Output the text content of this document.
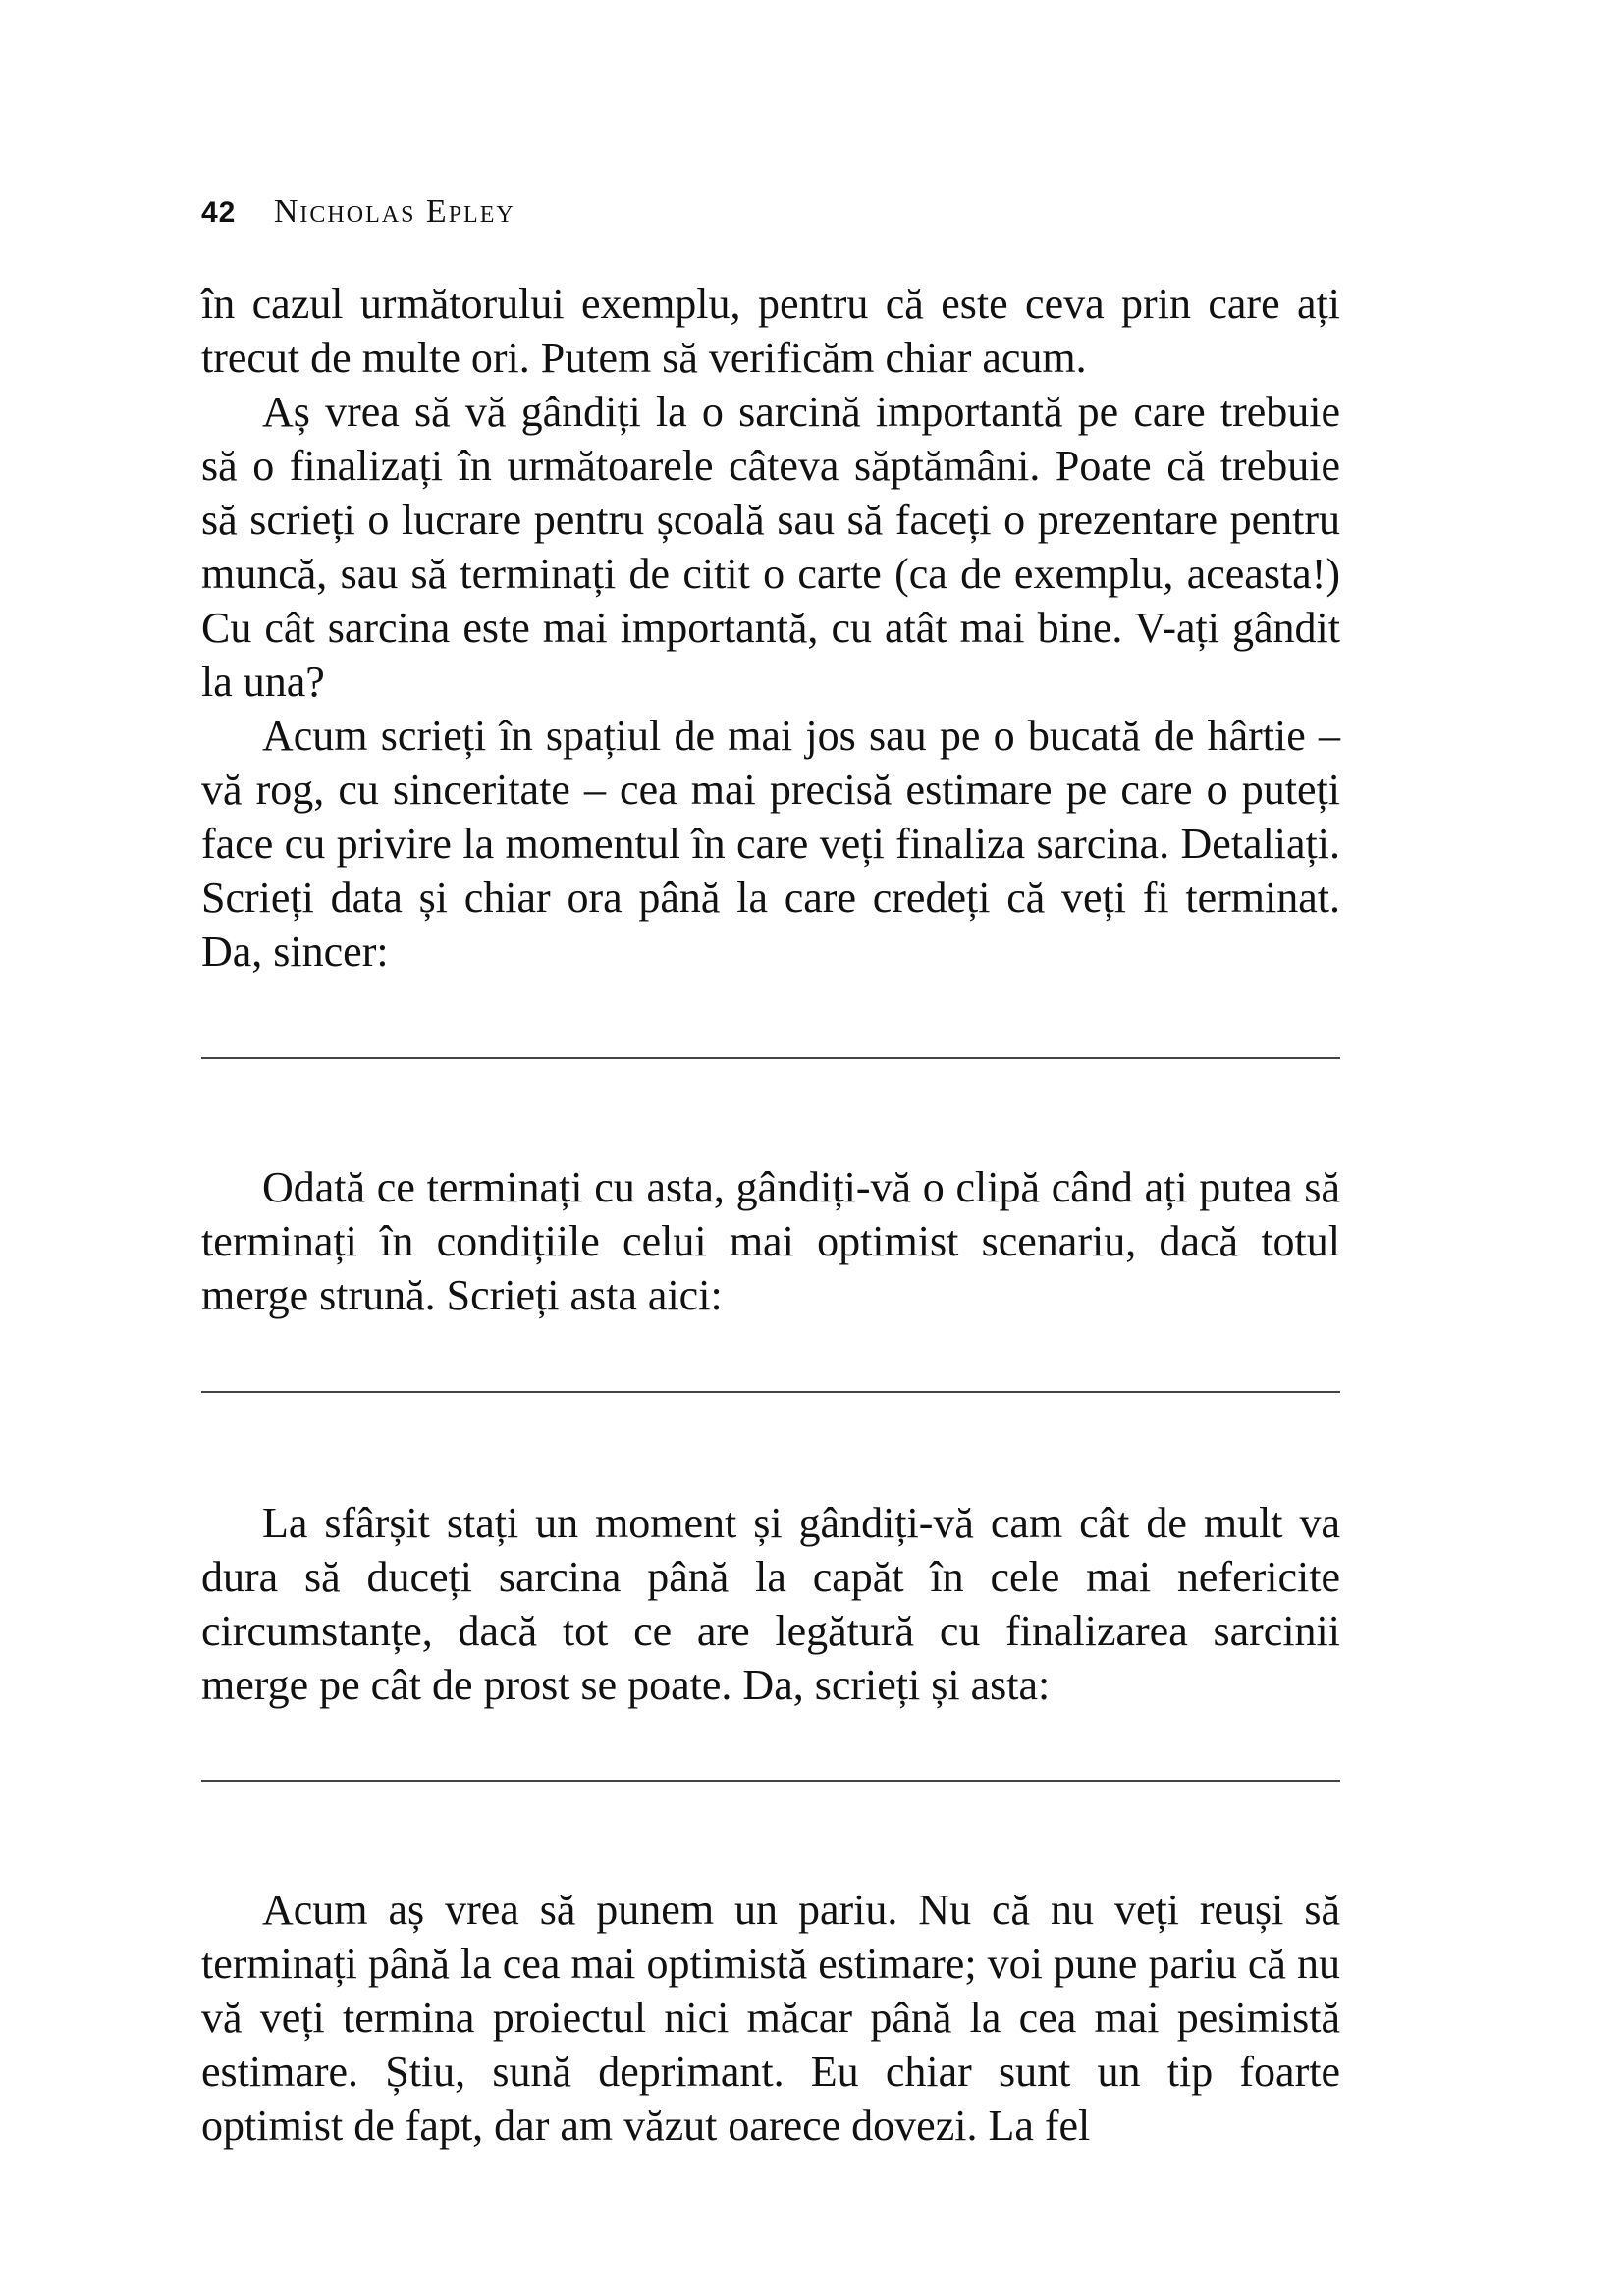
42 Nicholas Epley

în cazul următorului exemplu, pentru că este ceva prin care ați trecut de multe ori. Putem să verificăm chiar acum.

Aș vrea să vă gândiți la o sarcină importantă pe care trebuie să o finalizați în următoarele câteva săptămâni. Poate că trebuie să scrieți o lucrare pentru școală sau să faceți o prezentare pentru muncă, sau să terminați de citit o carte (ca de exemplu, aceasta!) Cu cât sarcina este mai importantă, cu atât mai bine. V-ați gândit la una?

Acum scrieți în spațiul de mai jos sau pe o bucată de hârtie – vă rog, cu sinceritate – cea mai precisă estimare pe care o puteți face cu privire la momentul în care veți finaliza sarcina. Detaliați. Scrieți data și chiar ora până la care credeți că veți fi terminat. Da, sincer:

Odată ce terminați cu asta, gândiți-vă o clipă când ați putea să terminați în condițiile celui mai optimist scenariu, dacă totul merge strună. Scrieți asta aici:

La sfârșit stați un moment și gândiți-vă cam cât de mult va dura să duceți sarcina până la capăt în cele mai nefericite circumstanțe, dacă tot ce are legătură cu finalizarea sarcinii merge pe cât de prost se poate. Da, scrieți și asta:

Acum aș vrea să punem un pariu. Nu că nu veți reuși să terminați până la cea mai optimistă estimare; voi pune pariu că nu vă veți termina proiectul nici măcar până la cea mai pesimistă estimare. Știu, sună deprimant. Eu chiar sunt un tip foarte optimist de fapt, dar am văzut oarece dovezi. La fel
